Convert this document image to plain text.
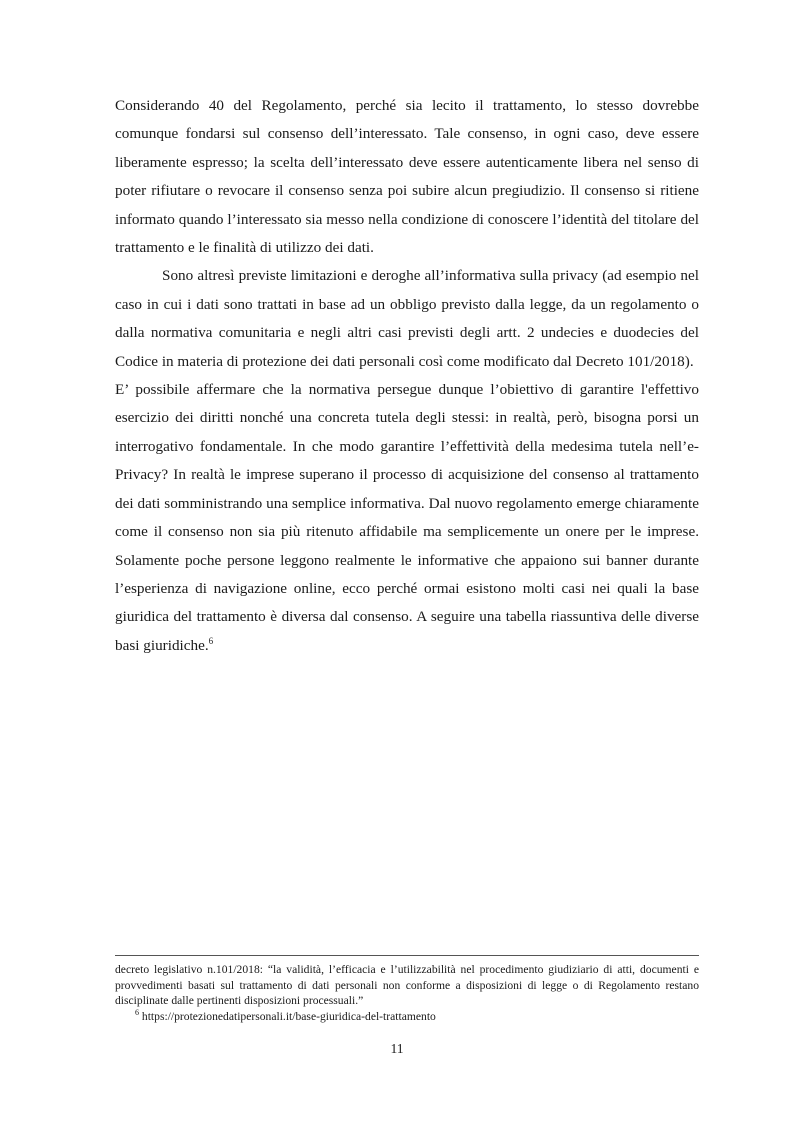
Considerando 40 del Regolamento, perché sia lecito il trattamento, lo stesso dovrebbe comunque fondarsi sul consenso dell’interessato. Tale consenso, in ogni caso, deve essere liberamente espresso; la scelta dell’interessato deve essere autenticamente libera nel senso di poter rifiutare o revocare il consenso senza poi subire alcun pregiudizio. Il consenso si ritiene informato quando l’interessato sia messo nella condizione di conoscere l’identità del titolare del trattamento e le finalità di utilizzo dei dati.

Sono altresì previste limitazioni e deroghe all’informativa sulla privacy (ad esempio nel caso in cui i dati sono trattati in base ad un obbligo previsto dalla legge, da un regolamento o dalla normativa comunitaria e negli altri casi previsti degli artt. 2 undecies e duodecies del Codice in materia di protezione dei dati personali così come modificato dal Decreto 101/2018).

E’ possibile affermare che la normativa persegue dunque l’obiettivo di garantire l'effettivo esercizio dei diritti nonché una concreta tutela degli stessi: in realtà, però, bisogna porsi un interrogativo fondamentale. In che modo garantire l’effettività della medesima tutela nell’e-Privacy? In realtà le imprese superano il processo di acquisizione del consenso al trattamento dei dati somministrando una semplice informativa. Dal nuovo regolamento emerge chiaramente come il consenso non sia più ritenuto affidabile ma semplicemente un onere per le imprese. Solamente poche persone leggono realmente le informative che appaiono sui banner durante l’esperienza di navigazione online, ecco perché ormai esistono molti casi nei quali la base giuridica del trattamento è diversa dal consenso. A seguire una tabella riassuntiva delle diverse basi giuridiche.$^6$

decreto legislativo n.101/2018: “la validità, l’efficacia e l’utilizzabilità nel procedimento giudiziario di atti, documenti e provvedimenti basati sul trattamento di dati personali non conforme a disposizioni di legge o di Regolamento restano disciplinate dalle pertinenti disposizioni processuali.”

$^6$ https://protezionedatipersonali.it/base-giuridica-del-trattamento

11
